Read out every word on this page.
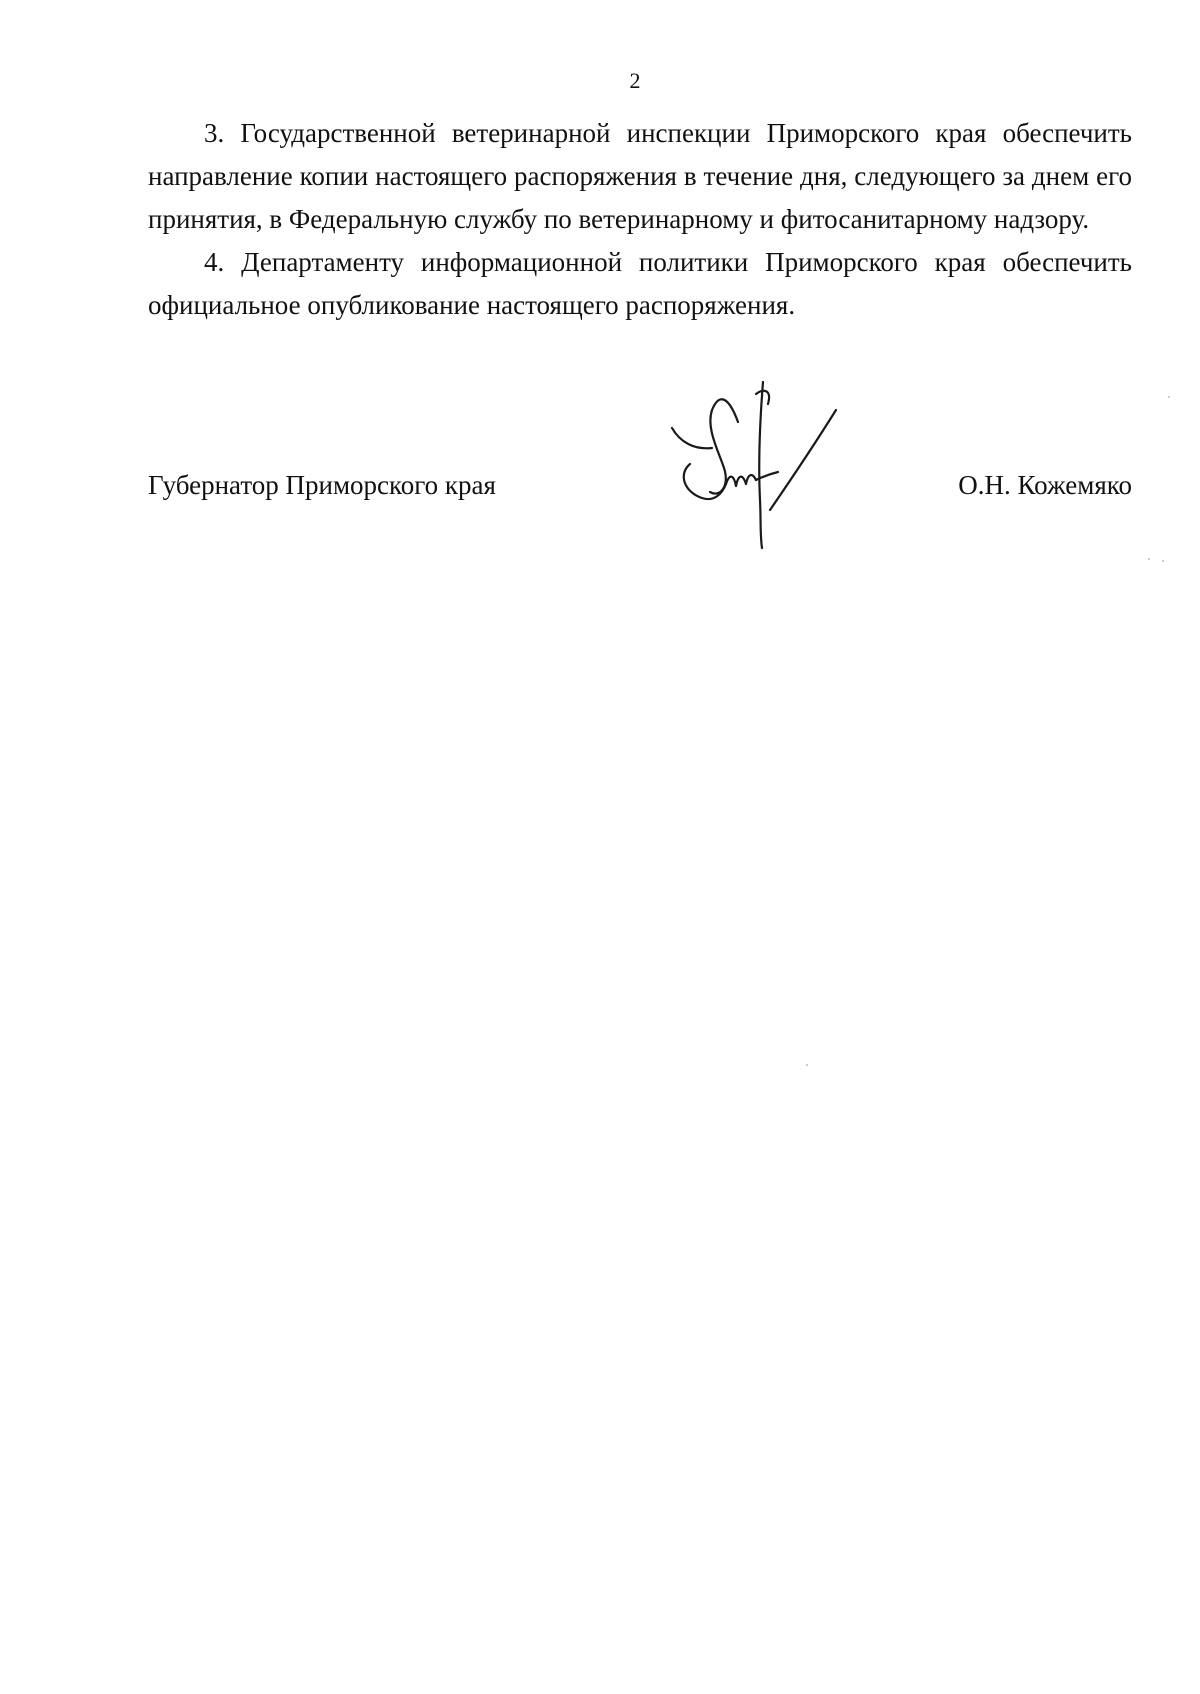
2

3. Государственной ветеринарной инспекции Приморского края обеспечить направление копии настоящего распоряжения в течение дня, следующего за днем его принятия, в Федеральную службу по ветеринарному и фитосанитарному надзору.

4. Департаменту информационной политики Приморского края обеспечить официальное опубликование настоящего распоряжения.

Губернатор Приморского края	О.Н. Кожемяко
